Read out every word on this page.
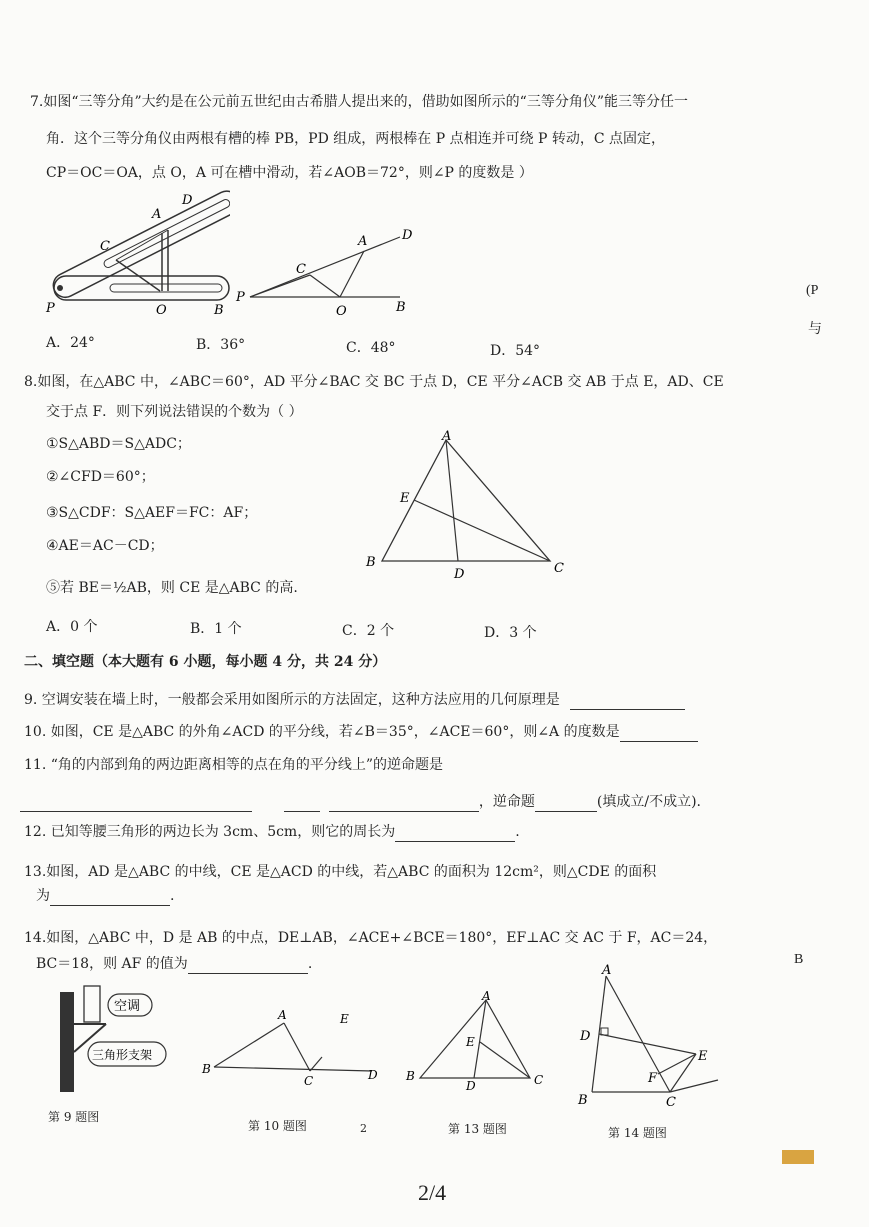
7.如图“三等分角”大约是在公元前五世纪由古希腊人提出来的，借助如图所示的“三等分角仪”能三等分任一
角．这个三等分角仪由两根有槽的棒 PB，PD 组成，两根棒在 P 点相连并可绕 P 转动，C 点固定，
CP＝OC＝OA，点 O，A 可在槽中滑动，若∠AOB＝72°，则∠P 的度数是 ）
P
C
A
D
O	B
P
C
A	D
O	B
A．24°	B．36°	C．48°	D．54°
8.如图，在△ABC 中，∠ABC＝60°，AD 平分∠BAC 交 BC 于点 D，CE 平分∠ACB 交 AB 于点 E，AD、CE
交于点 F．则下列说法错误的个数为（ ）
①S△ABD＝S△ADC；
②∠CFD＝60°；
③S△CDF：S△AEF＝FC：AF；
④AE＝AC－CD；
⑤若 BE＝½AB，则 CE 是△ABC 的高.
A
E
B
D	C
A．0 个	B．1 个	C．2 个	D．3 个
二、填空题（本大题有 6 小题，每小题 4 分，共 24 分）
9. 空调安装在墙上时，一般都会采用如图所示的方法固定，这种方法应用的几何原理是
10. 如图，CE 是△ABC 的外角∠ACD 的平分线，若∠B＝35°，∠ACE＝60°，则∠A 的度数是
11. “角的内部到角的两边距离相等的点在角的平分线上”的逆命题是
，逆命题	(填成立/不成立).
12. 已知等腰三角形的两边长为 3cm、5cm，则它的周长为	.
13.如图，AD 是△ABC 的中线，CE 是△ACD 的中线，若△ABC 的面积为 12cm²，则△CDE 的面积
为	.
14.如图，△ABC 中，D 是 AB 的中点，DE⊥AB，∠ACE+∠BCE＝180°，EF⊥AC 交 AC 于 F，AC＝24，
BC＝18，则 AF 的值为	.
空调
三角形支架
第 9 题图
A
B
C	D
E
第 10 题图	2
A
E
B
D	C
第 13 题图
A
D
E
F
B	C
第 14 题图
(P
与
B
2/4
